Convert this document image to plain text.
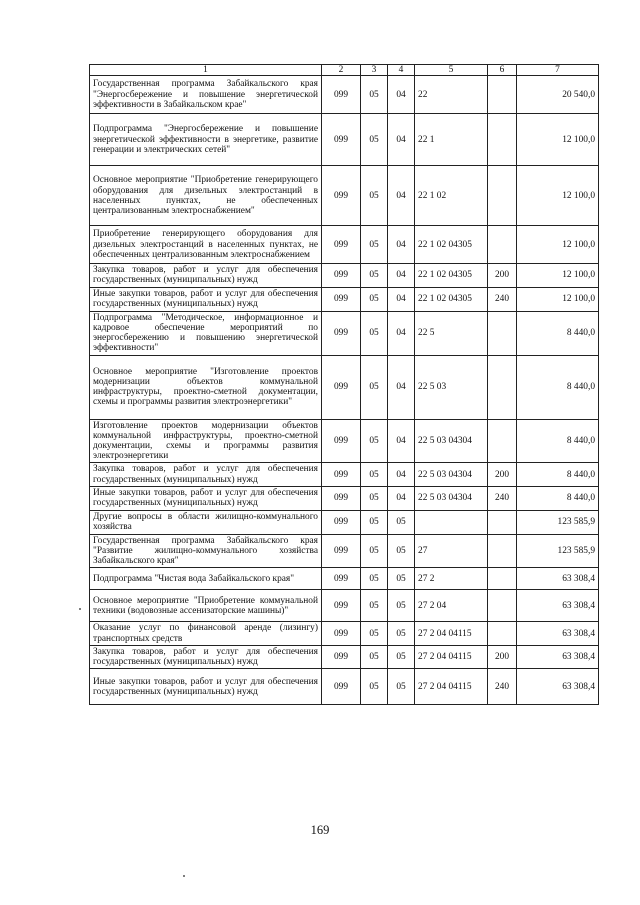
1	2	3	4	5	6	7
Государственная программа Забайкальского края "Энергосбережение и повышение энергетической эффективности в Забайкальском крае"	099	05	04	22		20 540,0
Подпрограмма "Энергосбережение и повышение энергетической эффективности в энергетике, развитие генерации и электрических сетей"	099	05	04	22 1		12 100,0
Основное мероприятие "Приобретение генерирующего оборудования для дизельных электростанций в населенных пунктах, не обеспеченных централизованным электроснабжением"	099	05	04	22 1 02		12 100,0
Приобретение генерирующего оборудования для дизельных электростанций в населенных пунктах, не обеспеченных централизованным электроснабжением	099	05	04	22 1 02 04305		12 100,0
Закупка товаров, работ и услуг для обеспечения государственных (муниципальных) нужд	099	05	04	22 1 02 04305	200	12 100,0
Иные закупки товаров, работ и услуг для обеспечения государственных (муниципальных) нужд	099	05	04	22 1 02 04305	240	12 100,0
Подпрограмма "Методическое, информационное и кадровое обеспечение мероприятий по энергосбережению и повышению энергетической эффективности"	099	05	04	22 5		8 440,0
Основное мероприятие "Изготовление проектов модернизации объектов коммунальной инфраструктуры, проектно-сметной документации, схемы и программы развития электроэнергетики"	099	05	04	22 5 03		8 440,0
Изготовление проектов модернизации объектов коммунальной инфраструктуры, проектно-сметной документации, схемы и программы развития электроэнергетики	099	05	04	22 5 03 04304		8 440,0
Закупка товаров, работ и услуг для обеспечения государственных (муниципальных) нужд	099	05	04	22 5 03 04304	200	8 440,0
Иные закупки товаров, работ и услуг для обеспечения государственных (муниципальных) нужд	099	05	04	22 5 03 04304	240	8 440,0
Другие вопросы в области жилищно-коммунального хозяйства	099	05	05			123 585,9
Государственная программа Забайкальского края "Развитие жилищно-коммунального хозяйства Забайкальского края"	099	05	05	27		123 585,9
Подпрограмма "Чистая вода Забайкальского края"	099	05	05	27 2		63 308,4
Основное мероприятие "Приобретение коммунальной техники (водовозные ассенизаторские машины)"	099	05	05	27 2 04		63 308,4
Оказание услуг по финансовой аренде (лизингу) транспортных средств	099	05	05	27 2 04 04115		63 308,4
Закупка товаров, работ и услуг для обеспечения государственных (муниципальных) нужд	099	05	05	27 2 04 04115	200	63 308,4
Иные закупки товаров, работ и услуг для обеспечения государственных (муниципальных) нужд	099	05	05	27 2 04 04115	240	63 308,4
169
